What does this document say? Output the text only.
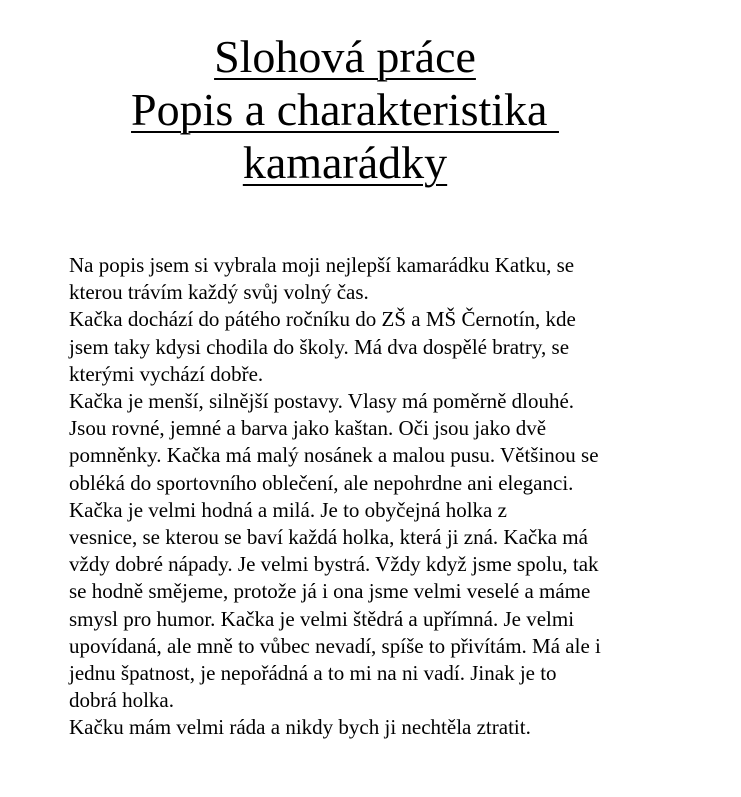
Slohová práce
Popis a charakteristika
kamarádky
Na popis jsem si vybrala moji nejlepší kamarádku Katku, se
kterou trávím každý svůj volný čas.
Kačka dochází do pátého ročníku do ZŠ a MŠ Černotín, kde
jsem taky kdysi chodila do školy. Má dva dospělé bratry, se
kterými vychází dobře.
Kačka je menší, silnější postavy. Vlasy má poměrně dlouhé.
Jsou rovné, jemné a barva jako kaštan. Oči jsou jako dvě
pomněnky. Kačka má malý nosánek a malou pusu. Většinou se
obléká do sportovního oblečení, ale nepohrdne ani eleganci.
Kačka je velmi hodná a milá. Je to obyčejná holka z
vesnice, se kterou se baví každá holka, která ji zná. Kačka má
vždy dobré nápady. Je velmi bystrá. Vždy když jsme spolu, tak
se hodně smějeme, protože já i ona jsme velmi veselé a máme
smysl pro humor. Kačka je velmi štědrá a upřímná. Je velmi
upovídaná, ale mně to vůbec nevadí, spíše to přivítám. Má ale i
jednu špatnost, je nepořádná a to mi na ni vadí. Jinak je to
dobrá holka.
Kačku mám velmi ráda a nikdy bych ji nechtěla ztratit.
